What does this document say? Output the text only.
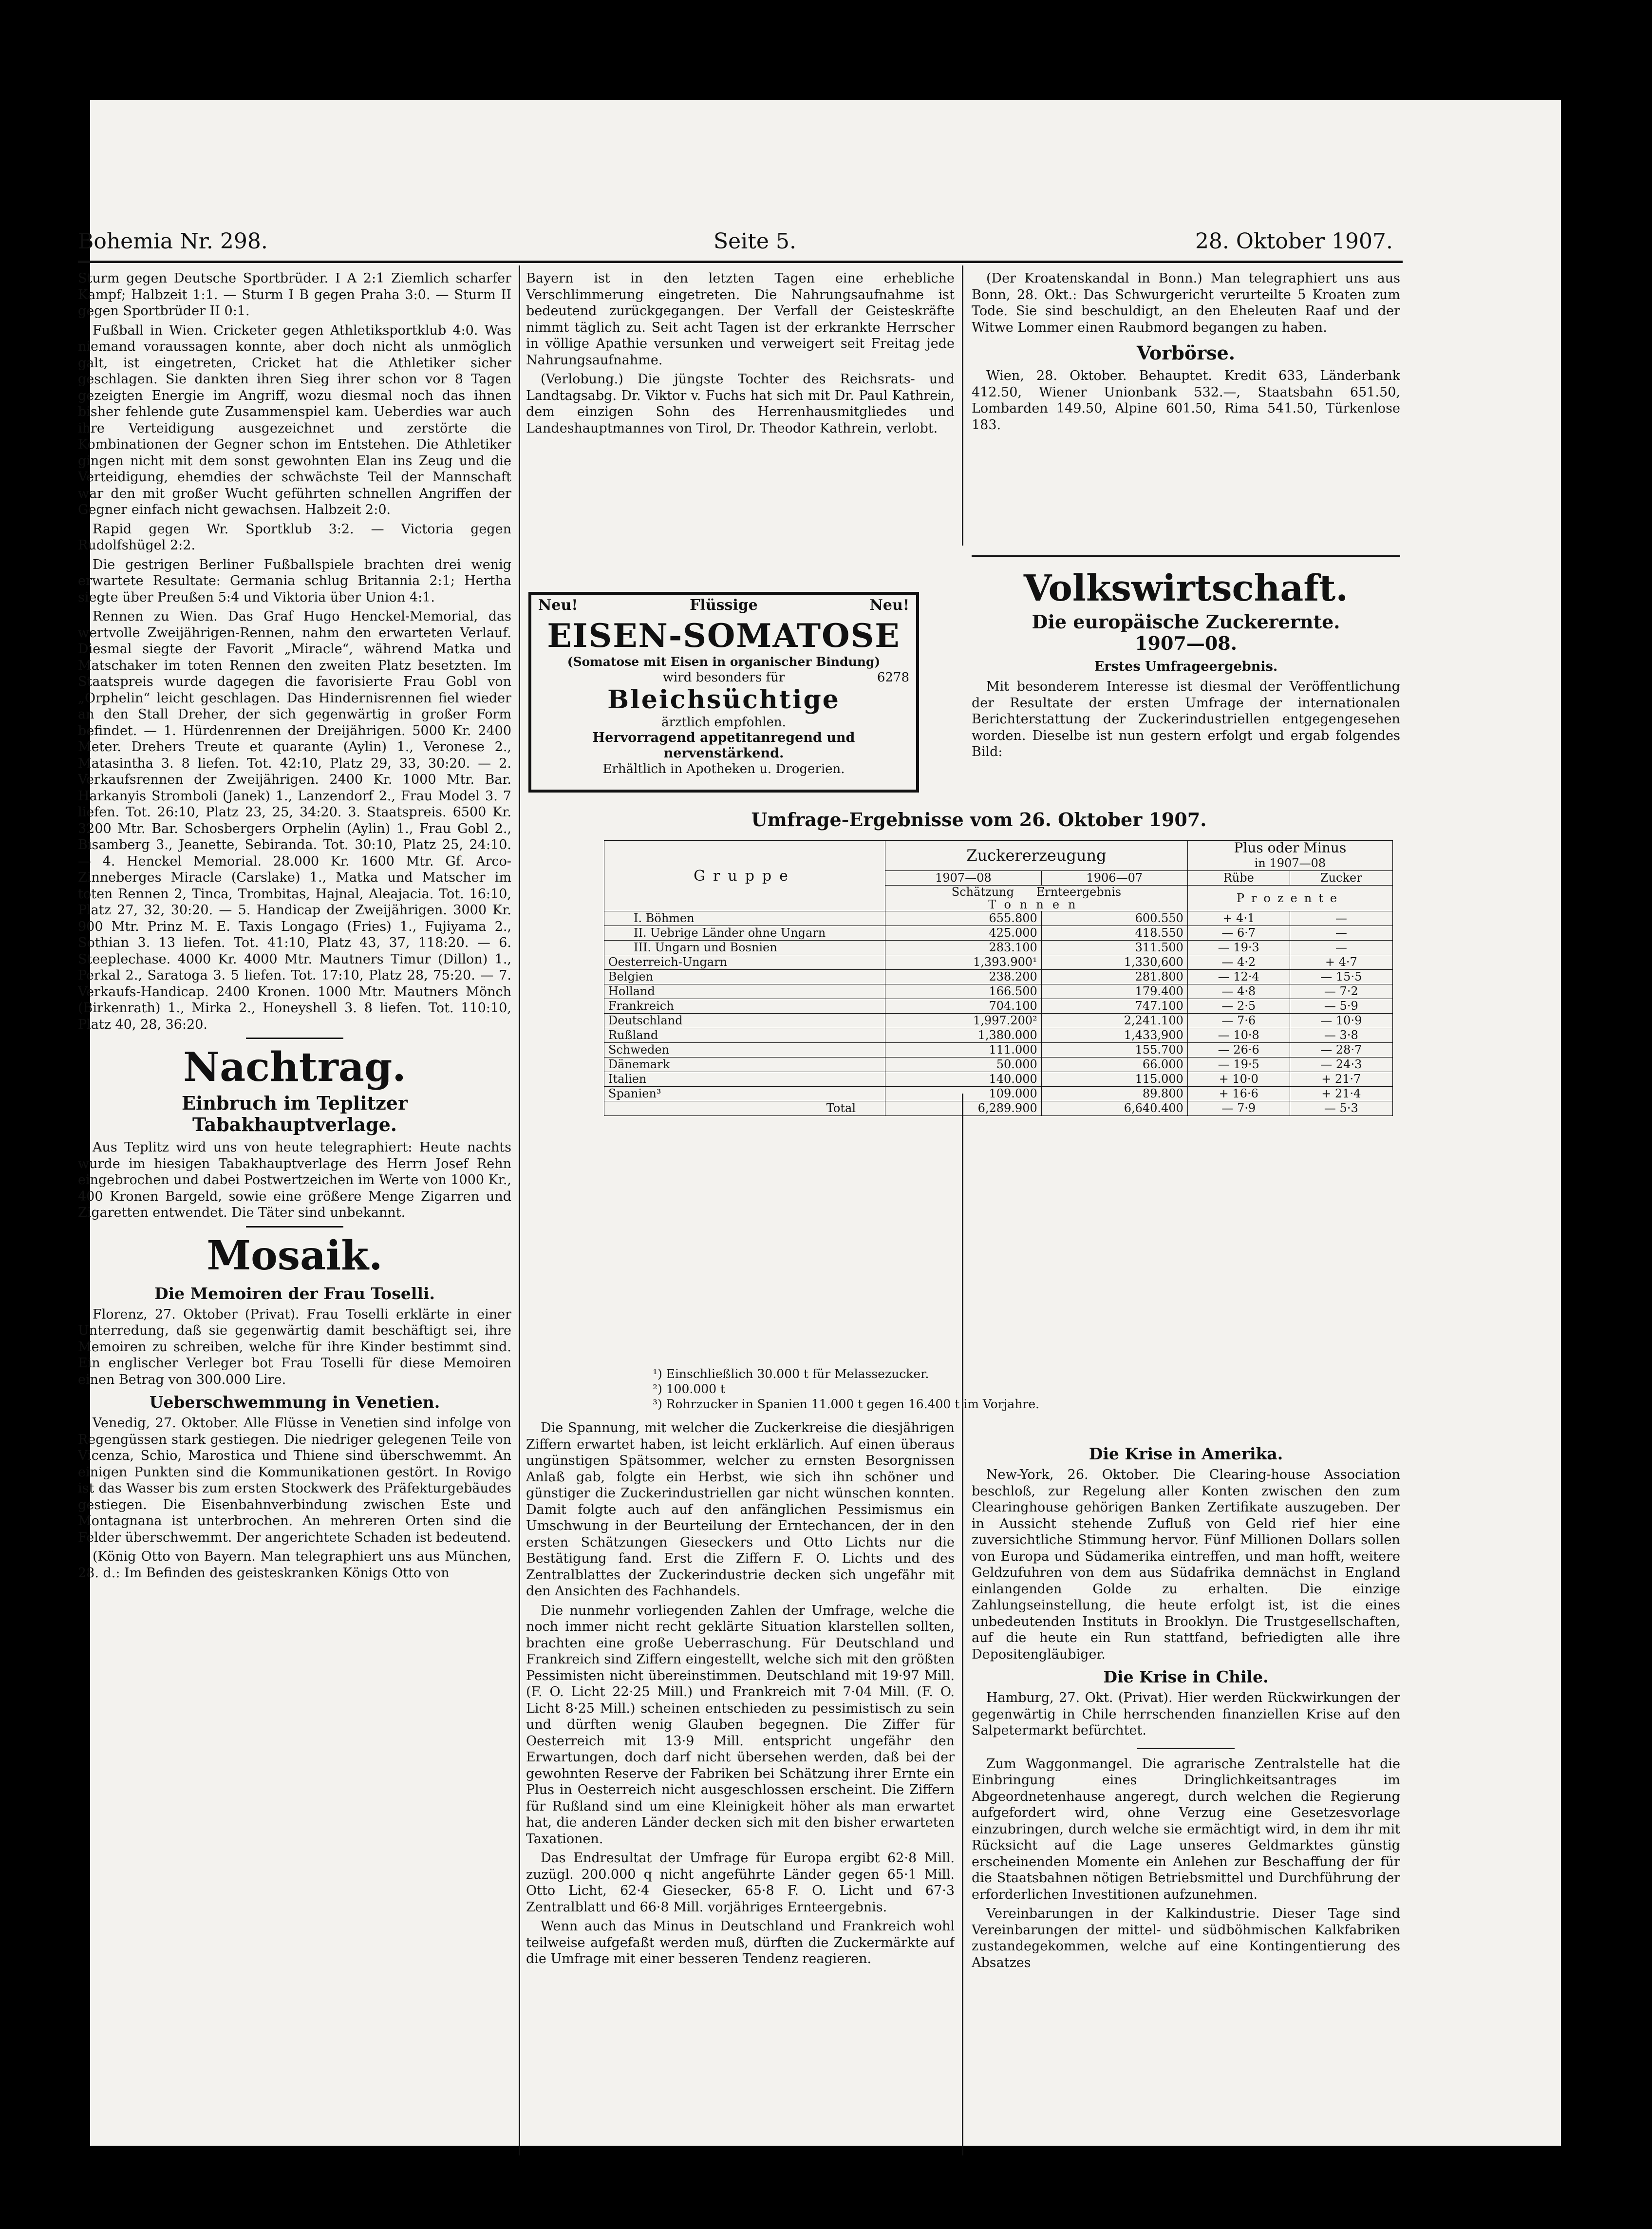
Bohemia Nr. 298.	Seite 5.	28. Oktober 1907.

Sturm gegen Deutsche Sportbrüder. I A 2:1 Ziemlich scharfer Kampf; Halbzeit 1:1. — Sturm I B gegen Praha 3:0. — Sturm II gegen Sportbrüder II 0:1.

Fußball in Wien. Cricketer gegen Athletiksportklub 4:0. Was niemand voraussagen konnte, aber doch nicht als unmöglich galt, ist eingetreten, Cricket hat die Athletiker sicher geschlagen. Sie dankten ihren Sieg ihrer schon vor 8 Tagen gezeigten Energie im Angriff, wozu diesmal noch das ihnen bisher fehlende gute Zusammenspiel kam. Ueberdies war auch ihre Verteidigung ausgezeichnet und zerstörte die Kombinationen der Gegner schon im Entstehen. Die Athletiker gingen nicht mit dem sonst gewohnten Elan ins Zeug und die Verteidigung, ehemdies der schwächste Teil der Mannschaft war den mit großer Wucht geführten schnellen Angriffen der Gegner einfach nicht gewachsen. Halbzeit 2:0.

Rapid gegen Wr. Sportklub 3:2. — Victoria gegen Rudolfshügel 2:2.

Die gestrigen Berliner Fußballspiele brachten drei wenig erwartete Resultate: Germania schlug Britannia 2:1; Hertha siegte über Preußen 5:4 und Viktoria über Union 4:1.

Rennen zu Wien. Das Graf Hugo Henckel-Memorial, das wertvolle Zweijährigen-Rennen, nahm den erwarteten Verlauf. Diesmal siegte der Favorit „Miracle“, während Matka und Matschaker im toten Rennen den zweiten Platz besetzten. Im Staatspreis wurde dagegen die favorisierte Frau Gobl von „Orphelin“ leicht geschlagen. Das Hindernisrennen fiel wieder an den Stall Dreher, der sich gegenwärtig in großer Form befindet. — 1. Hürdenrennen der Dreijährigen. 5000 Kr. 2400 Meter. Drehers Treute et quarante (Aylin) 1., Veronese 2., Matasintha 3. 8 liefen. Tot. 42:10, Platz 29, 33, 30:20. — 2. Verkaufsrennen der Zweijährigen. 2400 Kr. 1000 Mtr. Bar. Harkanyis Stromboli (Janek) 1., Lanzendorf 2., Frau Model 3. 7 liefen. Tot. 26:10, Platz 23, 25, 34:20. 3. Staatspreis. 6500 Kr. 3200 Mtr. Bar. Schosbergers Orphelin (Aylin) 1., Frau Gobl 2., Bisamberg 3., Jeanette, Sebiranda. Tot. 30:10, Platz 25, 24:10. — 4. Henckel Memorial. 28.000 Kr. 1600 Mtr. Gf. Arco-Zinneberges Miracle (Carslake) 1., Matka und Matscher im toten Rennen 2, Tinca, Trombitas, Hajnal, Aleajacia. Tot. 16:10, Platz 27, 32, 30:20. — 5. Handicap der Zweijährigen. 3000 Kr. 900 Mtr. Prinz M. E. Taxis Longago (Fries) 1., Fujiyama 2., Sothian 3. 13 liefen. Tot. 41:10, Platz 43, 37, 118:20. — 6. Steeplechase. 4000 Kr. 4000 Mtr. Mautners Timur (Dillon) 1., Perkal 2., Saratoga 3. 5 liefen. Tot. 17:10, Platz 28, 75:20. — 7. Verkaufs-Handicap. 2400 Kronen. 1000 Mtr. Mautners Mönch (Birkenrath) 1., Mirka 2., Honeyshell 3. 8 liefen. Tot. 110:10, Platz 40, 28, 36:20.

Nachtrag.
Einbruch im Teplitzer Tabakhauptverlage.

Aus Teplitz wird uns von heute telegraphiert: Heute nachts wurde im hiesigen Tabakhauptverlage des Herrn Josef Rehn eingebrochen und dabei Postwertzeichen im Werte von 1000 Kr., 400 Kronen Bargeld, sowie eine größere Menge Zigarren und Zigaretten entwendet. Die Täter sind unbekannt.

Mosaik.
Die Memoiren der Frau Toselli.

Florenz, 27. Oktober (Privat). Frau Toselli erklärte in einer Unterredung, daß sie gegenwärtig damit beschäftigt sei, ihre Memoiren zu schreiben, welche für ihre Kinder bestimmt sind. Ein englischer Verleger bot Frau Toselli für diese Memoiren einen Betrag von 300.000 Lire.

Ueberschwemmung in Venetien.

Venedig, 27. Oktober. Alle Flüsse in Venetien sind infolge von Regengüssen stark gestiegen. Die niedriger gelegenen Teile von Vicenza, Schio, Marostica und Thiene sind überschwemmt. An einigen Punkten sind die Kommunikationen gestört. In Rovigo ist das Wasser bis zum ersten Stockwerk des Präfekturgebäudes gestiegen. Die Eisenbahnverbindung zwischen Este und Montagnana ist unterbrochen. An mehreren Orten sind die Felder überschwemmt. Der angerichtete Schaden ist bedeutend.

(König Otto von Bayern. Man telegraphiert uns aus München, 28. d.: Im Befinden des geisteskranken Königs Otto von

Bayern ist in den letzten Tagen eine erhebliche Verschlimmerung eingetreten. Die Nahrungsaufnahme ist bedeutend zurückgegangen. Der Verfall der Geisteskräfte nimmt täglich zu. Seit acht Tagen ist der erkrankte Herrscher in völlige Apathie versunken und verweigert seit Freitag jede Nahrungsaufnahme.

(Verlobung.) Die jüngste Tochter des Reichsrats- und Landtagsabg. Dr. Viktor v. Fuchs hat sich mit Dr. Paul Kathrein, dem einzigen Sohn des Herrenhausmitgliedes und Landeshauptmannes von Tirol, Dr. Theodor Kathrein, verlobt.

(Der Kroatenskandal in Bonn.) Man telegraphiert uns aus Bonn, 28. Okt.: Das Schwurgericht verurteilte 5 Kroaten zum Tode. Sie sind beschuldigt, an den Eheleuten Raaf und der Witwe Lommer einen Raubmord begangen zu haben.

Vorbörse.

Wien, 28. Oktober. Behauptet. Kredit 633, Länderbank 412.50, Wiener Unionbank 532.—, Staatsbahn 651.50, Lombarden 149.50, Alpine 601.50, Rima 541.50, Türkenlose 183.

Neu!	Flüssige	Neu!
EISEN-SOMATOSE
(Somatose mit Eisen in organischer Bindung)
wird besonders für	6278
Bleichsüchtige
ärztlich empfohlen.
Hervorragend appetitanregend und nervenstärkend.
Erhältlich in Apotheken u. Drogerien.
Volkswirtschaft.
Die europäische Zuckerernte.
1907—08.
Erstes Umfrageergebnis.

Mit besonderem Interesse ist diesmal der Veröffentlichung der Resultate der ersten Umfrage der internationalen Berichterstattung der Zuckerindustriellen entgegengesehen worden. Dieselbe ist nun gestern erfolgt und ergab folgendes Bild:

Umfrage-Ergebnisse vom 26. Oktober 1907.
Gruppe	Zuckererzeugung		Plus oder Minus
in 1907—08	
	1907—08	1906—07	Rübe	Zucker
	Schätzung Ernteergebnis
Tonnen		Prozente	
I. Böhmen	655.800	600.550	+ 4·1	—
II. Uebrige Länder ohne Ungarn	425.000	418.550	— 6·7	—
III. Ungarn und Bosnien	283.100	311.500	— 19·3	—
Oesterreich-Ungarn	1,393.900¹	1,330,600	— 4·2	+ 4·7
Belgien	238.200	281.800	— 12·4	— 15·5
Holland	166.500	179.400	— 4·8	— 7·2
Frankreich	704.100	747.100	— 2·5	— 5·9
Deutschland	1,997.200²	2,241.100	— 7·6	— 10·9
Rußland	1,380.000	1,433,900	— 10·8	— 3·8
Schweden	111.000	155.700	— 26·6	— 28·7
Dänemark	50.000	66.000	— 19·5	— 24·3
Italien	140.000	115.000	+ 10·0	+ 21·7
Spanien³	109.000	89.800	+ 16·6	+ 21·4
Total	6,289.900	6,640.400	— 7·9	— 5·3
¹) Einschließlich 30.000 t für Melassezucker.
²) 100.000 t
³) Rohrzucker in Spanien 11.000 t gegen 16.400 t im Vorjahre.

Die Spannung, mit welcher die Zuckerkreise die diesjährigen Ziffern erwartet haben, ist leicht erklärlich. Auf einen überaus ungünstigen Spätsommer, welcher zu ernsten Besorgnissen Anlaß gab, folgte ein Herbst, wie sich ihn schöner und günstiger die Zuckerindustriellen gar nicht wünschen konnten. Damit folgte auch auf den anfänglichen Pessimismus ein Umschwung in der Beurteilung der Erntechancen, der in den ersten Schätzungen Gieseckers und Otto Lichts nur die Bestätigung fand. Erst die Ziffern F. O. Lichts und des Zentralblattes der Zuckerindustrie decken sich ungefähr mit den Ansichten des Fachhandels.

Die nunmehr vorliegenden Zahlen der Umfrage, welche die noch immer nicht recht geklärte Situation klarstellen sollten, brachten eine große Ueberraschung. Für Deutschland und Frankreich sind Ziffern eingestellt, welche sich mit den größten Pessimisten nicht übereinstimmen. Deutschland mit 19·97 Mill. (F. O. Licht 22·25 Mill.) und Frankreich mit 7·04 Mill. (F. O. Licht 8·25 Mill.) scheinen entschieden zu pessimistisch zu sein und dürften wenig Glauben begegnen. Die Ziffer für Oesterreich mit 13·9 Mill. entspricht ungefähr den Erwartungen, doch darf nicht übersehen werden, daß bei der gewohnten Reserve der Fabriken bei Schätzung ihrer Ernte ein Plus in Oesterreich nicht ausgeschlossen erscheint. Die Ziffern für Rußland sind um eine Kleinigkeit höher als man erwartet hat, die anderen Länder decken sich mit den bisher erwarteten Taxationen.

Das Endresultat der Umfrage für Europa ergibt 62·8 Mill. zuzügl. 200.000 q nicht angeführte Länder gegen 65·1 Mill. Otto Licht, 62·4 Giesecker, 65·8 F. O. Licht und 67·3 Zentralblatt und 66·8 Mill. vorjähriges Ernteergebnis.

Wenn auch das Minus in Deutschland und Frankreich wohl teilweise aufgefaßt werden muß, dürften die Zuckermärkte auf die Umfrage mit einer besseren Tendenz reagieren.

Die Krise in Amerika.

New-York, 26. Oktober. Die Clearing-house Association beschloß, zur Regelung aller Konten zwischen den zum Clearinghouse gehörigen Banken Zertifikate auszugeben. Der in Aussicht stehende Zufluß von Geld rief hier eine zuversichtliche Stimmung hervor. Fünf Millionen Dollars sollen von Europa und Südamerika eintreffen, und man hofft, weitere Geldzufuhren von dem aus Südafrika demnächst in England einlangenden Golde zu erhalten. Die einzige Zahlungseinstellung, die heute erfolgt ist, ist die eines unbedeutenden Instituts in Brooklyn. Die Trustgesellschaften, auf die heute ein Run stattfand, befriedigten alle ihre Depositengläubiger.

Die Krise in Chile.

Hamburg, 27. Okt. (Privat). Hier werden Rückwirkungen der gegenwärtig in Chile herrschenden finanziellen Krise auf den Salpetermarkt befürchtet.

Zum Waggonmangel. Die agrarische Zentralstelle hat die Einbringung eines Dringlichkeitsantrages im Abgeordnetenhause angeregt, durch welchen die Regierung aufgefordert wird, ohne Verzug eine Gesetzesvorlage einzubringen, durch welche sie ermächtigt wird, in dem ihr mit Rücksicht auf die Lage unseres Geldmarktes günstig erscheinenden Momente ein Anlehen zur Beschaffung der für die Staatsbahnen nötigen Betriebsmittel und Durchführung der erforderlichen Investitionen aufzunehmen.

Vereinbarungen in der Kalkindustrie. Dieser Tage sind Vereinbarungen der mittel- und südböhmischen Kalkfabriken zustandegekommen, welche auf eine Kontingentierung des Absatzes
